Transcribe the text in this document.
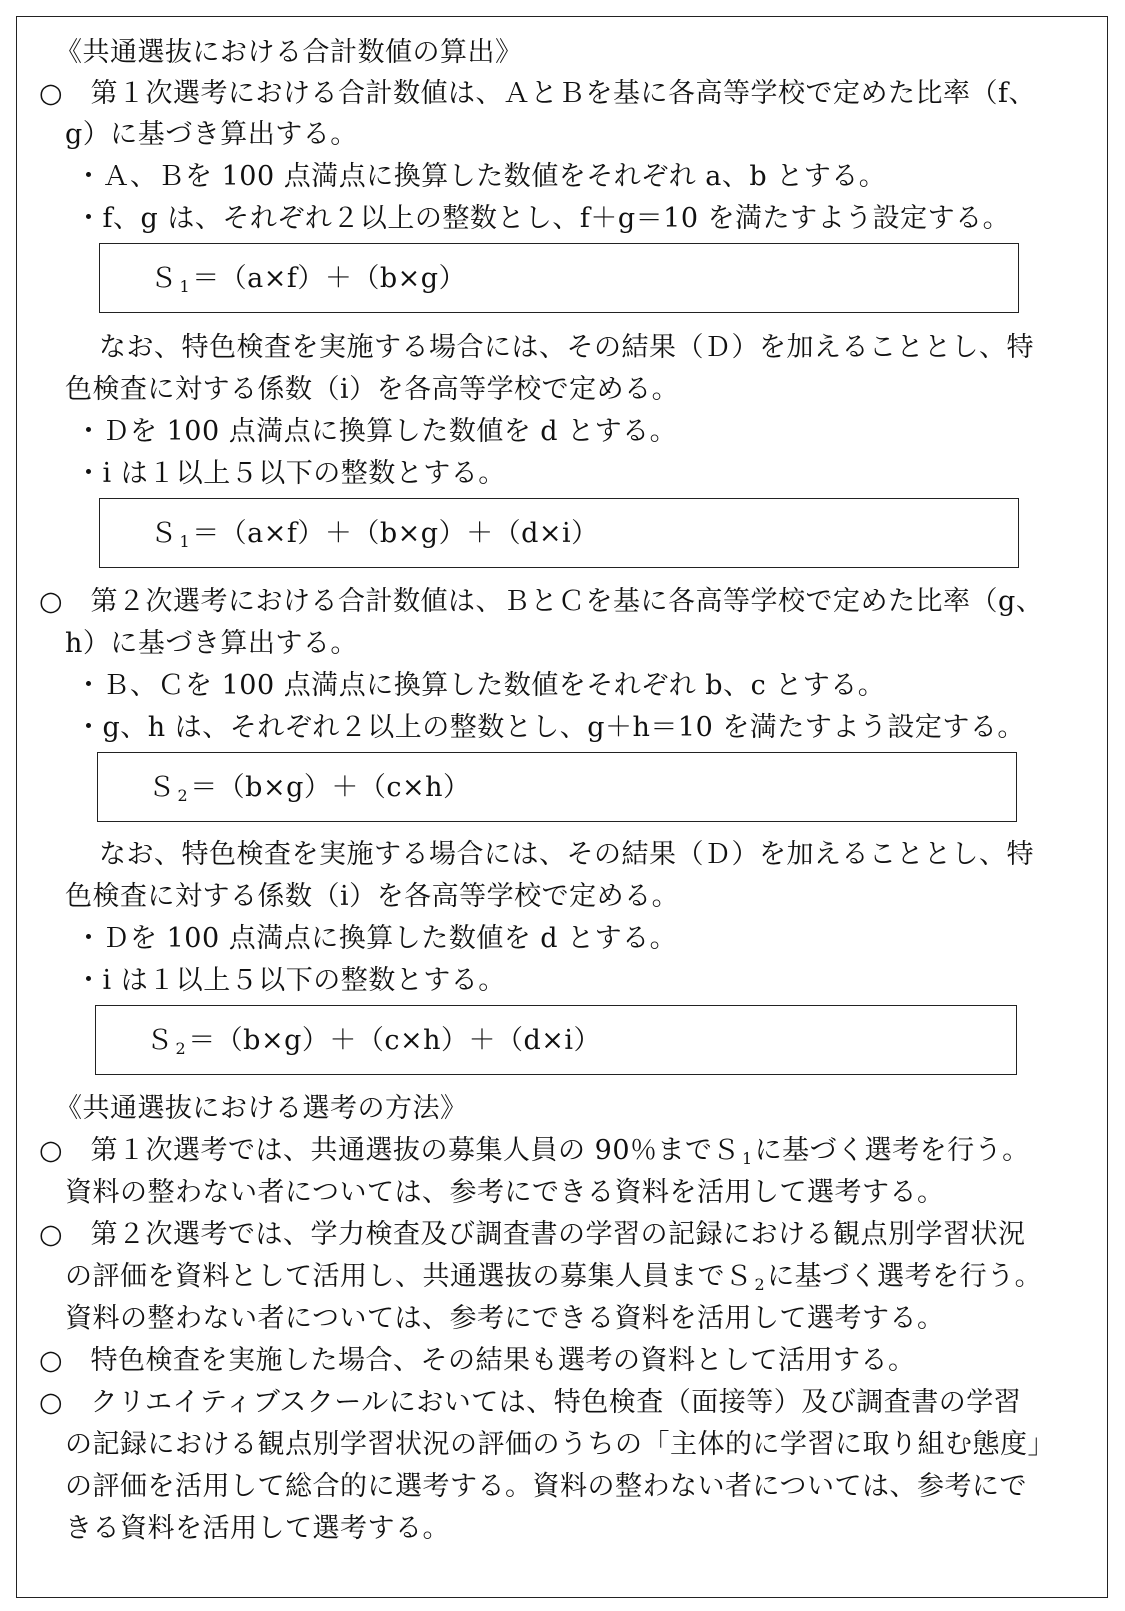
《共通選抜における合計数値の算出》
○　第１次選考における合計数値は、ＡとＢを基に各高等学校で定めた比率（f、
g）に基づき算出する。
・Ａ、Ｂを 100 点満点に換算した数値をそれぞれ a、b とする。
・f、g は、それぞれ２以上の整数とし、f＋g＝10 を満たすよう設定する。
Ｓ 1＝（a×f）＋（b×g）
なお、特色検査を実施する場合には、その結果（Ｄ）を加えることとし、特
色検査に対する係数（i）を各高等学校で定める。
・Ｄを 100 点満点に換算した数値を d とする。
・i は１以上５以下の整数とする。
Ｓ 1＝（a×f）＋（b×g）＋（d×i）
○　第２次選考における合計数値は、ＢとＣを基に各高等学校で定めた比率（g、
h）に基づき算出する。
・Ｂ、Ｃを 100 点満点に換算した数値をそれぞれ b、c とする。
・g、h は、それぞれ２以上の整数とし、g＋h＝10 を満たすよう設定する。
Ｓ 2＝（b×g）＋（c×h）
なお、特色検査を実施する場合には、その結果（Ｄ）を加えることとし、特
色検査に対する係数（i）を各高等学校で定める。
・Ｄを 100 点満点に換算した数値を d とする。
・i は１以上５以下の整数とする。
Ｓ 2＝（b×g）＋（c×h）＋（d×i）
《共通選抜における選考の方法》
○　第１次選考では、共通選抜の募集人員の 90％までＳ 1に基づく選考を行う。
資料の整わない者については、参考にできる資料を活用して選考する。
○　第２次選考では、学力検査及び調査書の学習の記録における観点別学習状況
の評価を資料として活用し、共通選抜の募集人員までＳ 2に基づく選考を行う。
資料の整わない者については、参考にできる資料を活用して選考する。
○　特色検査を実施した場合、その結果も選考の資料として活用する。
○　クリエイティブスクールにおいては、特色検査（面接等）及び調査書の学習
の記録における観点別学習状況の評価のうちの「主体的に学習に取り組む態度」
の評価を活用して総合的に選考する。資料の整わない者については、参考にで
きる資料を活用して選考する。
